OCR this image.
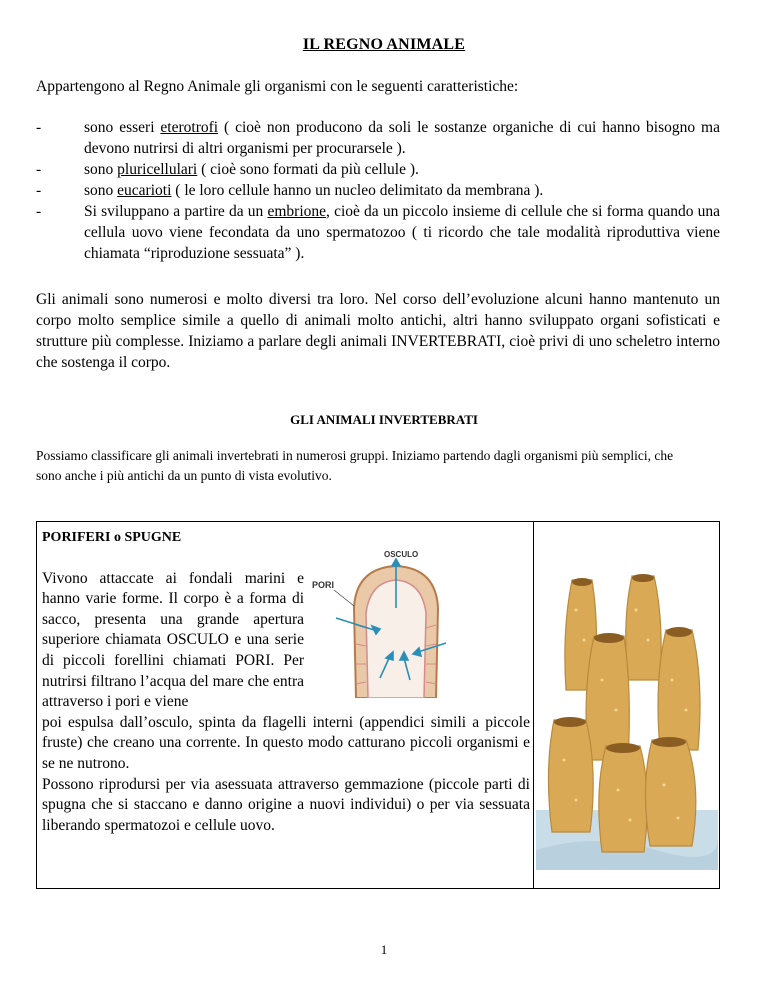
IL REGNO ANIMALE
Appartengono al Regno Animale gli organismi con le seguenti caratteristiche:
-	sono esseri eterotrofi ( cioè non producono da soli le sostanze organiche di cui hanno bisogno ma devono nutrirsi di altri organismi per procurarsele ).
-	sono pluricellulari ( cioè sono formati da più cellule ).
-	sono eucarioti ( le loro cellule hanno un nucleo delimitato da membrana ).
-	Si sviluppano a partire da un embrione, cioè da un piccolo insieme di cellule che si forma quando una cellula uovo viene fecondata da uno spermatozoo ( ti ricordo che tale modalità riproduttiva viene chiamata “riproduzione sessuata” ).
Gli animali sono numerosi e molto diversi tra loro. Nel corso dell’evoluzione alcuni hanno mantenuto un corpo molto semplice simile a quello di animali molto antichi, altri hanno sviluppato organi sofisticati e strutture più complesse. Iniziamo a parlare degli animali INVERTEBRATI, cioè privi di uno scheletro interno che sostenga il corpo.
GLI ANIMALI INVERTEBRATI
Possiamo classificare gli animali invertebrati in numerosi gruppi. Iniziamo partendo dagli organismi più semplici, che sono anche i più antichi da un punto di vista evolutivo.
PORIFERI o SPUGNE
Vivono attaccate ai fondali marini e hanno varie forme. Il corpo è a forma di sacco, presenta una grande apertura superiore chiamata OSCULO e una serie di piccoli forellini chiamati PORI. Per nutrirsi filtrano l’acqua del mare che entra attraverso i pori e viene
poi espulsa dall’osculo, spinta da flagelli interni (appendici simili a piccole fruste) che creano una corrente. In questo modo catturano piccoli organismi e se ne nutrono.
Possono riprodursi per via asessuata attraverso gemmazione (piccole parti di spugna che si staccano e danno origine a nuovi individui) o per via sessuata liberando spermatozoi e cellule uovo.
OSCULO
PORI
1
